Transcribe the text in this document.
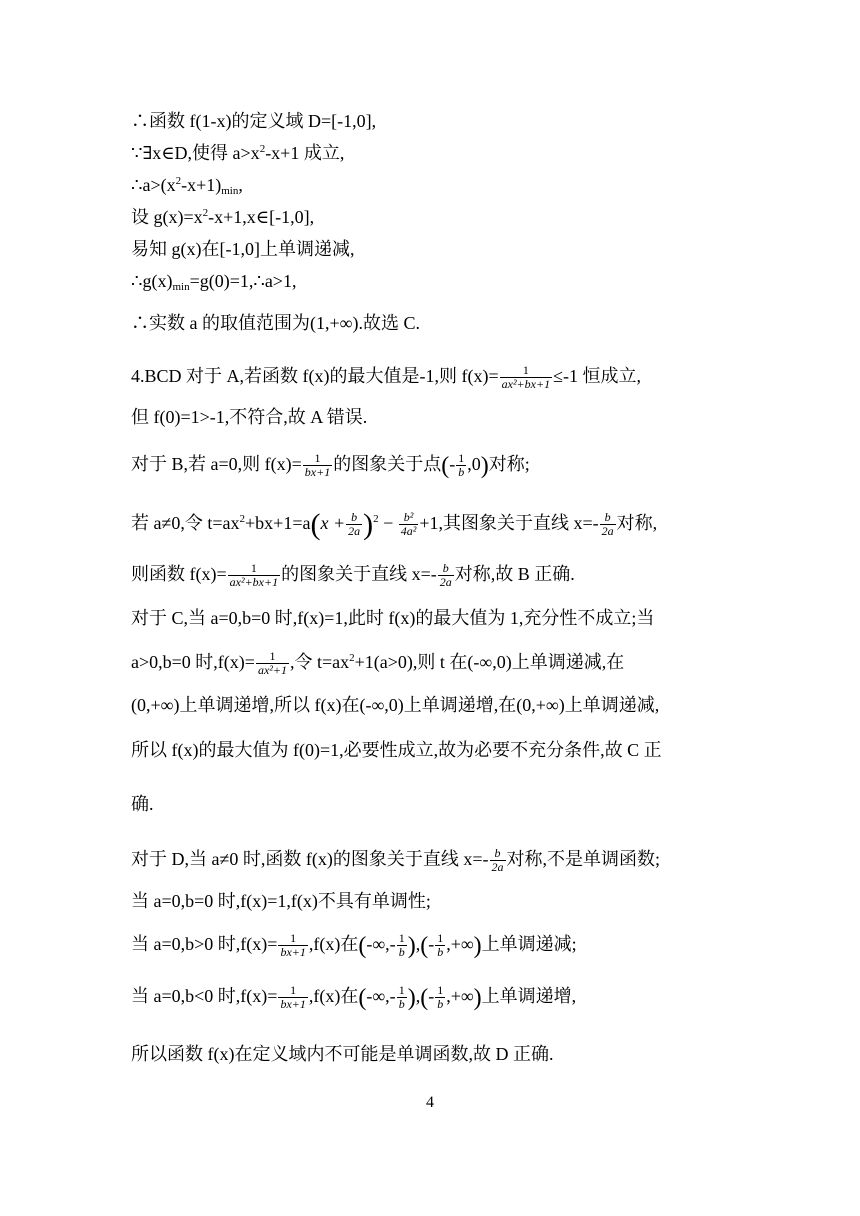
∴函数 f(1-x)的定义域 D=[-1,0],
∵∃x∈D,使得 $a>x^2-x+1$ 成立,
$\therefore a>(x^2-x+1)_{min}$,
设 $g(x)=x^2-x+1,x\in[-1,0]$,
易知 g(x)在[-1,0]上单调递减,
$\therefore g(x)_{min}=g(0)=1,\therefore a>1$,
∴实数 a 的取值范围为(1,+∞).故选 C.
4.BCD 对于 A,若函数 f(x)的最大值是-1,则 $f(x)= \frac{1}{\text{ax²+bx+1}} \le-1$ 恒成立,
但 f(0)=1>-1,不符合,故 A 错误.
对于 B,若 a=0,则 $f(x)= \frac{1}{bx+1}$ 的图象关于点(- $\frac{1}{b} ,0$)对称;
若 a≠0,令 $t=ax^2+bx+1=a(x + \frac{b}{2a} )^2 - \frac{\text{b²}}{\text{4a²}} +1$,其图象关于直线 $x=- \frac{b}{2a}$ 对称,
则函数 $f(x)= \frac{1}{\text{ax²+bx+1}}$ 的图象关于直线 $x=- \frac{b}{2a}$ 对称,故 B 正确.
对于 C,当 a=0,b=0 时,f(x)=1,此时 f(x)的最大值为 1,充分性不成立;当
a>0,b=0 时$,f(x)= \frac{1}{\text{ax²+1}}$ ,令 $t=ax^2+1(a>0)$,则 t 在(-∞,0)上单调递减,在
(0,+∞)上单调递增,所以 f(x)在(-∞,0)上单调递增,在(0,+∞)上单调递减,
所以 f(x)的最大值为 f(0)=1,必要性成立,故为必要不充分条件,故 C 正
确.
对于 D,当 a≠0 时,函数 f(x)的图象关于直线 $x=- \frac{b}{2a}$ 对称,不是单调函数;
当 a=0,b=0 时,f(x)=1,f(x)不具有单调性;
当 a=0,b>0 时$,f(x)= \frac{1}{bx+1} ,f(x)$在(-∞,- $\frac{1}{b}$ ),(- $\frac{1}{b}$ ,+∞)上单调递减;
当 a=0,b<0 时$,f(x)= \frac{1}{bx+1} ,f(x)$在(-∞,- $\frac{1}{b}$ ),(- $\frac{1}{b}$ ,+∞)上单调递增,
所以函数 f(x)在定义域内不可能是单调函数,故 D 正确.
4
